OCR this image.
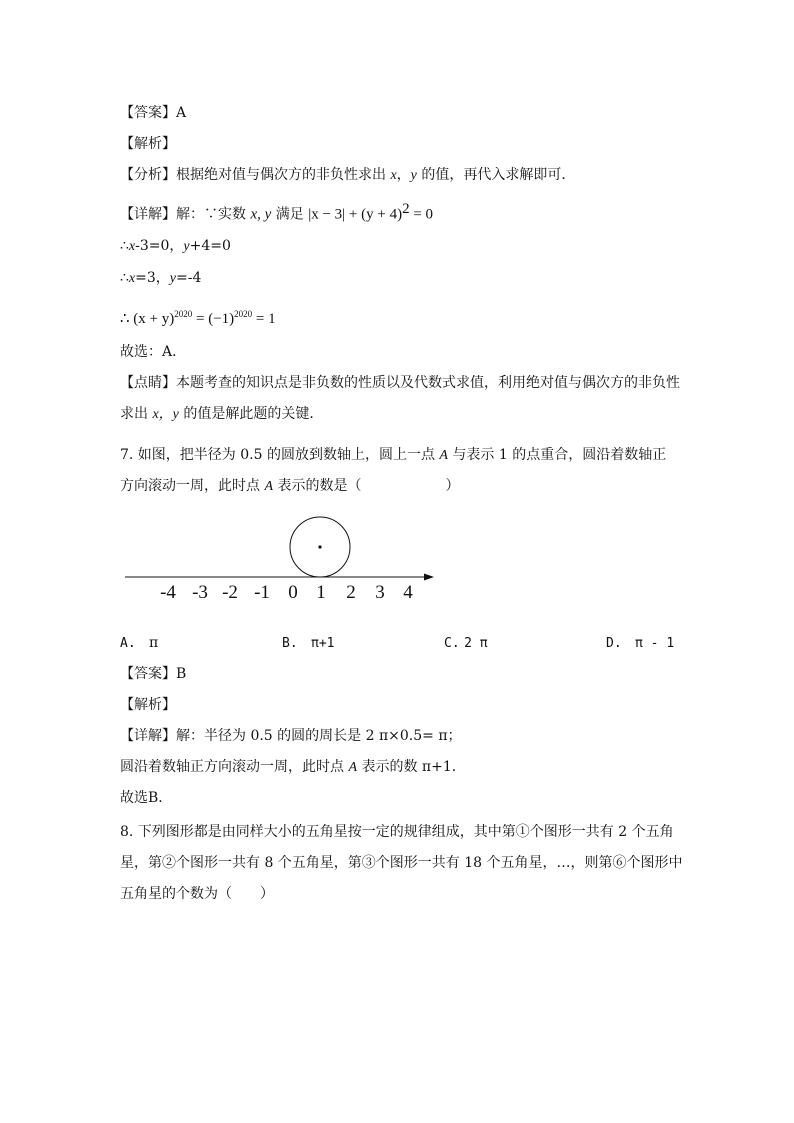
【答案】A
【解析】
【分析】根据绝对值与偶次方的非负性求出 x，y 的值，再代入求解即可．
【详解】解：∵实数 x, y 满足 $|x - 3| + (y + 4)^2 = 0$
∴x-3=0，y+4=0
∴x=3，y=-4
∴ $(x + y)^{2020} = (-1)^{2020} = 1$
故选：A．
【点睛】本题考查的知识点是非负数的性质以及代数式求值，利用绝对值与偶次方的非负性
求出 x，y 的值是解此题的关键．
7. 如图，把半径为 0.5 的圆放到数轴上，圆上一点 A 与表示 1 的点重合，圆沿着数轴正
方向滚动一周，此时点 A 表示的数是（　　　　　　）
-4 -3 -2 -1 0 1 2 3 4
A. π	B. π+1	C. 2 π	D. π - 1
【答案】B
【解析】
【详解】解：半径为 0.5 的圆的周长是 2 π×0.5= π；
圆沿着数轴正方向滚动一周，此时点 A 表示的数 π+1．
故选B．
8. 下列图形都是由同样大小的五角星按一定的规律组成，其中第①个图形一共有 2 个五角
星，第②个图形一共有 8 个五角星，第③个图形一共有 18 个五角星，…，则第⑥个图形中
五角星的个数为（　　）
